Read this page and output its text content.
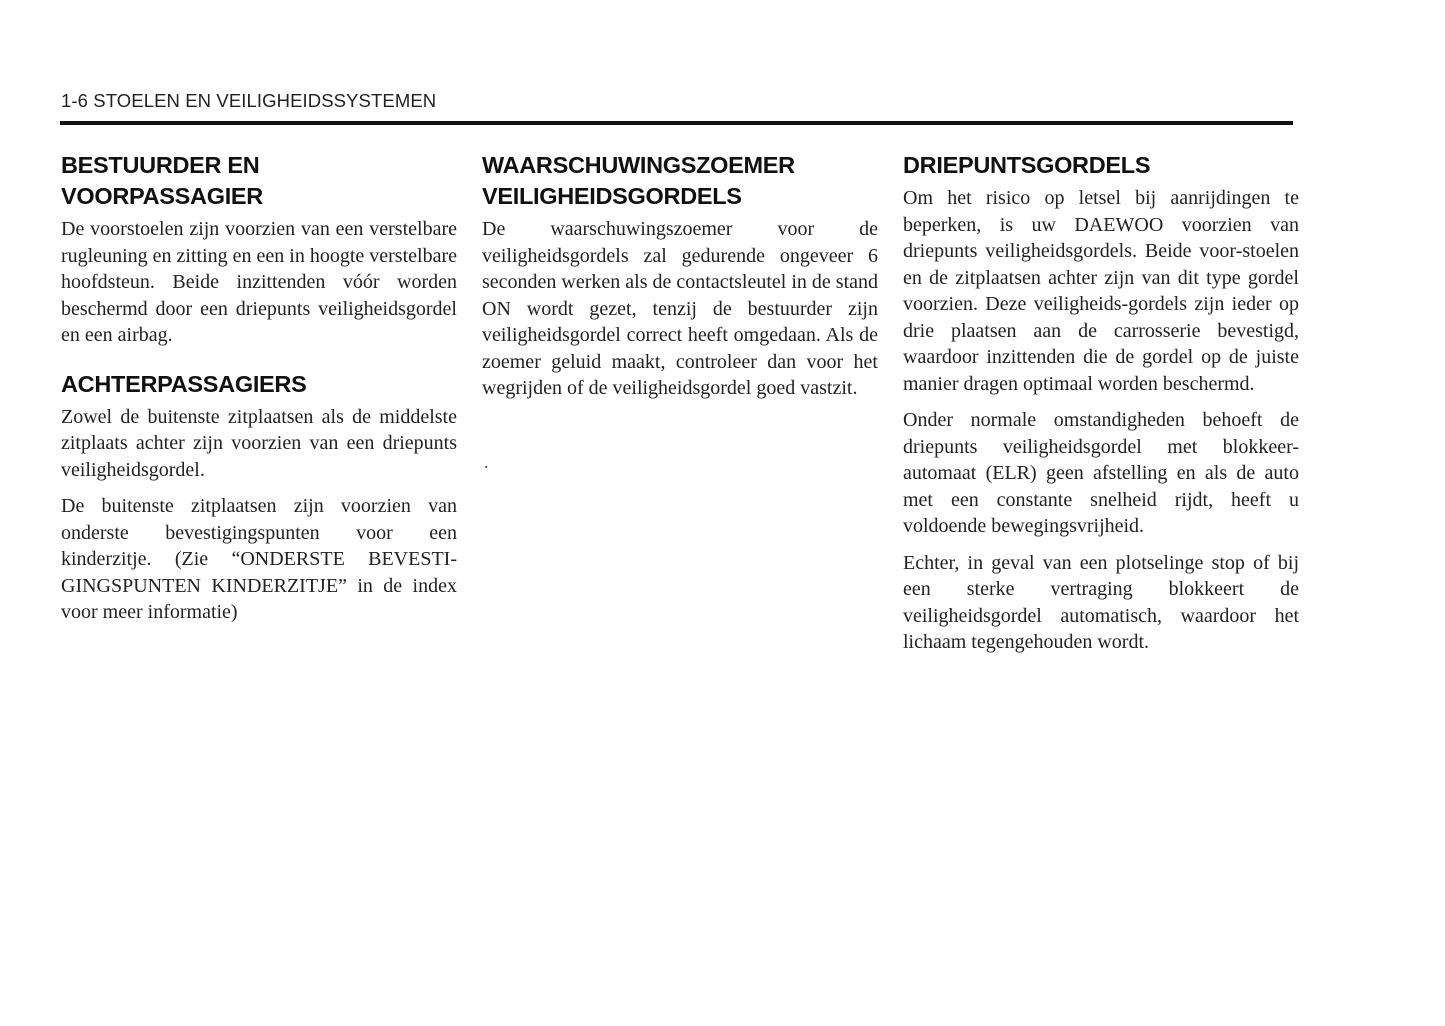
1-6 STOELEN EN VEILIGHEIDSSYSTEMEN
BESTUURDER EN VOORPASSAGIER

De voorstoelen zijn voorzien van een verstelbare rugleuning en zitting en een in hoogte verstelbare hoofdsteun. Beide inzittenden vóór worden beschermd door een driepunts veiligheidsgordel en een airbag.

ACHTERPASSAGIERS

Zowel de buitenste zitplaatsen als de middelste zitplaats achter zijn voorzien van een driepunts veiligheidsgordel.

De buitenste zitplaatsen zijn voorzien van onderste bevestigingspunten voor een kinderzitje. (Zie “ONDERSTE BEVESTI-GINGSPUNTEN KINDERZITJE” in de index voor meer informatie)

WAARSCHUWINGSZOEMER VEILIGHEIDSGORDELS

De waarschuwingszoemer voor de veiligheidsgordels zal gedurende ongeveer 6 seconden werken als de contactsleutel in de stand ON wordt gezet, tenzij de bestuurder zijn veiligheidsgordel correct heeft omgedaan. Als de zoemer geluid maakt, controleer dan voor het wegrijden of de veiligheidsgordel goed vastzit.

.
DRIEPUNTSGORDELS

Om het risico op letsel bij aanrijdingen te beperken, is uw DAEWOO voorzien van driepunts veiligheidsgordels. Beide voor-stoelen en de zitplaatsen achter zijn van dit type gordel voorzien. Deze veiligheids-gordels zijn ieder op drie plaatsen aan de carrosserie bevestigd, waardoor inzittenden die de gordel op de juiste manier dragen optimaal worden beschermd.

Onder normale omstandigheden behoeft de driepunts veiligheidsgordel met blokkeer-automaat (ELR) geen afstelling en als de auto met een constante snelheid rijdt, heeft u voldoende bewegingsvrijheid.

Echter, in geval van een plotselinge stop of bij een sterke vertraging blokkeert de veiligheidsgordel automatisch, waardoor het lichaam tegengehouden wordt.
